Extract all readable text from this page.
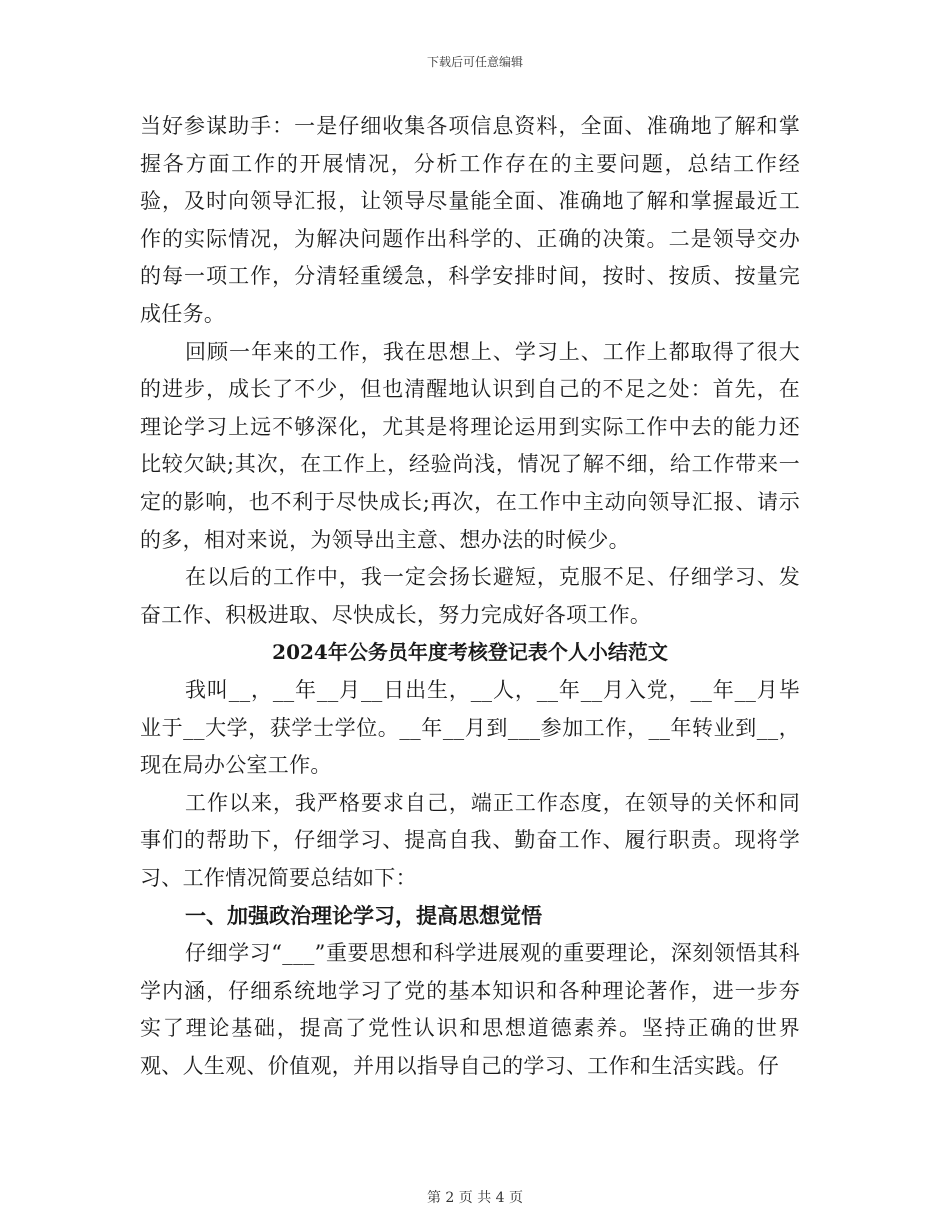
下载后可任意编辑

当好参谋助手：一是仔细收集各项信息资料，全面、准确地了解和掌握各方面工作的开展情况，分析工作存在的主要问题，总结工作经验，及时向领导汇报，让领导尽量能全面、准确地了解和掌握最近工作的实际情况，为解决问题作出科学的、正确的决策。二是领导交办的每一项工作，分清轻重缓急，科学安排时间，按时、按质、按量完成任务。

回顾一年来的工作，我在思想上、学习上、工作上都取得了很大的进步，成长了不少，但也清醒地认识到自己的不足之处：首先，在理论学习上远不够深化，尤其是将理论运用到实际工作中去的能力还比较欠缺;其次，在工作上，经验尚浅，情况了解不细，给工作带来一定的影响，也不利于尽快成长;再次，在工作中主动向领导汇报、请示的多，相对来说，为领导出主意、想办法的时候少。

在以后的工作中，我一定会扬长避短，克服不足、仔细学习、发奋工作、积极进取、尽快成长，努力完成好各项工作。

2024年公务员年度考核登记表个人小结范文

我叫__，__年__月__日出生，__人，__年__月入党，__年__月毕业于__大学，获学士学位。__年__月到___参加工作，__年转业到__，现在局办公室工作。

工作以来，我严格要求自己，端正工作态度，在领导的关怀和同事们的帮助下，仔细学习、提高自我、勤奋工作、履行职责。现将学习、工作情况简要总结如下：

一、加强政治理论学习，提高思想觉悟

仔细学习“___”重要思想和科学进展观的重要理论，深刻领悟其科学内涵，仔细系统地学习了党的基本知识和各种理论著作，进一步夯实了理论基础，提高了党性认识和思想道德素养。坚持正确的世界观、人生观、价值观，并用以指导自己的学习、工作和生活实践。仔

第 2 页 共 4 页
